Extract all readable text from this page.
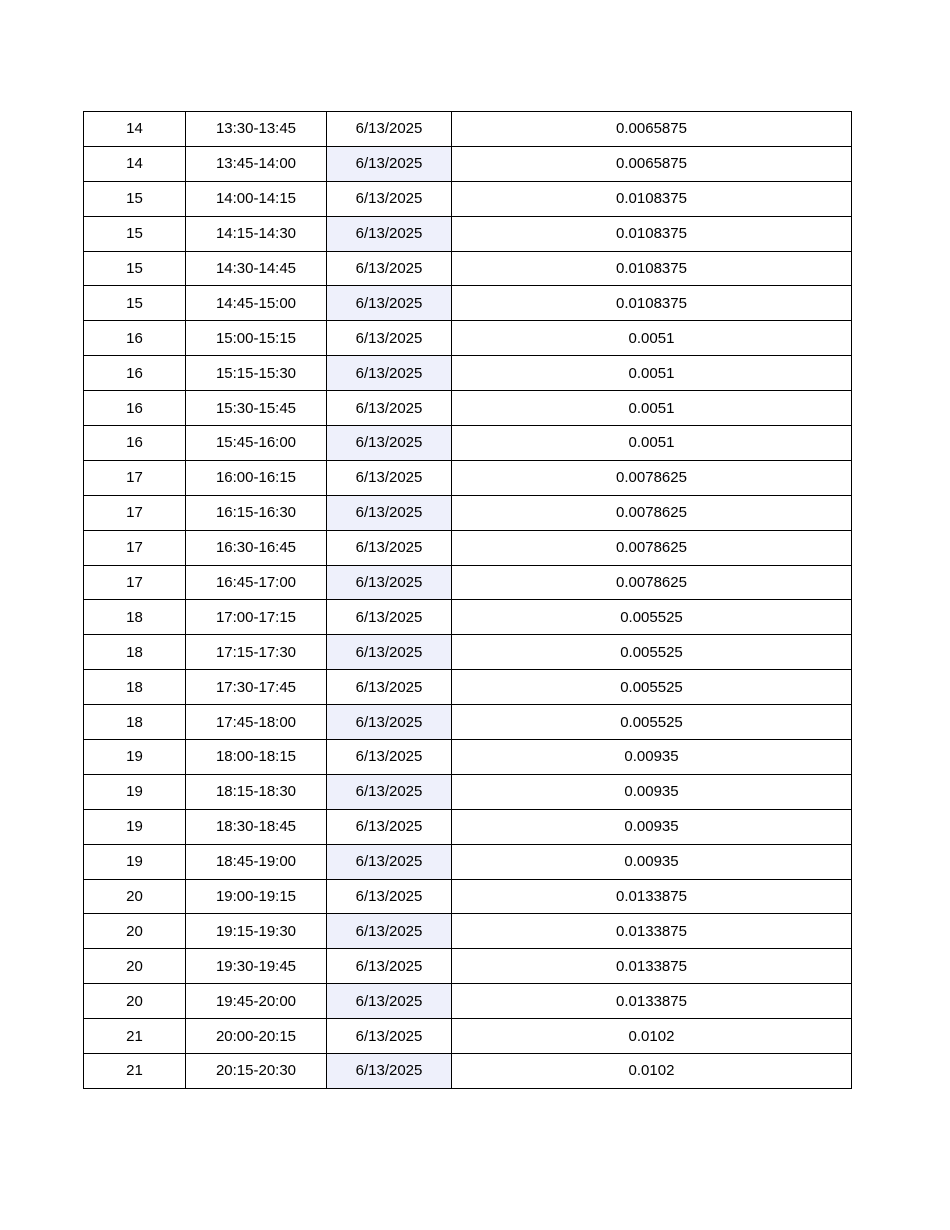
14	13:30-13:45	6/13/2025	0.0065875
14	13:45-14:00	6/13/2025	0.0065875
15	14:00-14:15	6/13/2025	0.0108375
15	14:15-14:30	6/13/2025	0.0108375
15	14:30-14:45	6/13/2025	0.0108375
15	14:45-15:00	6/13/2025	0.0108375
16	15:00-15:15	6/13/2025	0.0051
16	15:15-15:30	6/13/2025	0.0051
16	15:30-15:45	6/13/2025	0.0051
16	15:45-16:00	6/13/2025	0.0051
17	16:00-16:15	6/13/2025	0.0078625
17	16:15-16:30	6/13/2025	0.0078625
17	16:30-16:45	6/13/2025	0.0078625
17	16:45-17:00	6/13/2025	0.0078625
18	17:00-17:15	6/13/2025	0.005525
18	17:15-17:30	6/13/2025	0.005525
18	17:30-17:45	6/13/2025	0.005525
18	17:45-18:00	6/13/2025	0.005525
19	18:00-18:15	6/13/2025	0.00935
19	18:15-18:30	6/13/2025	0.00935
19	18:30-18:45	6/13/2025	0.00935
19	18:45-19:00	6/13/2025	0.00935
20	19:00-19:15	6/13/2025	0.0133875
20	19:15-19:30	6/13/2025	0.0133875
20	19:30-19:45	6/13/2025	0.0133875
20	19:45-20:00	6/13/2025	0.0133875
21	20:00-20:15	6/13/2025	0.0102
21	20:15-20:30	6/13/2025	0.0102
